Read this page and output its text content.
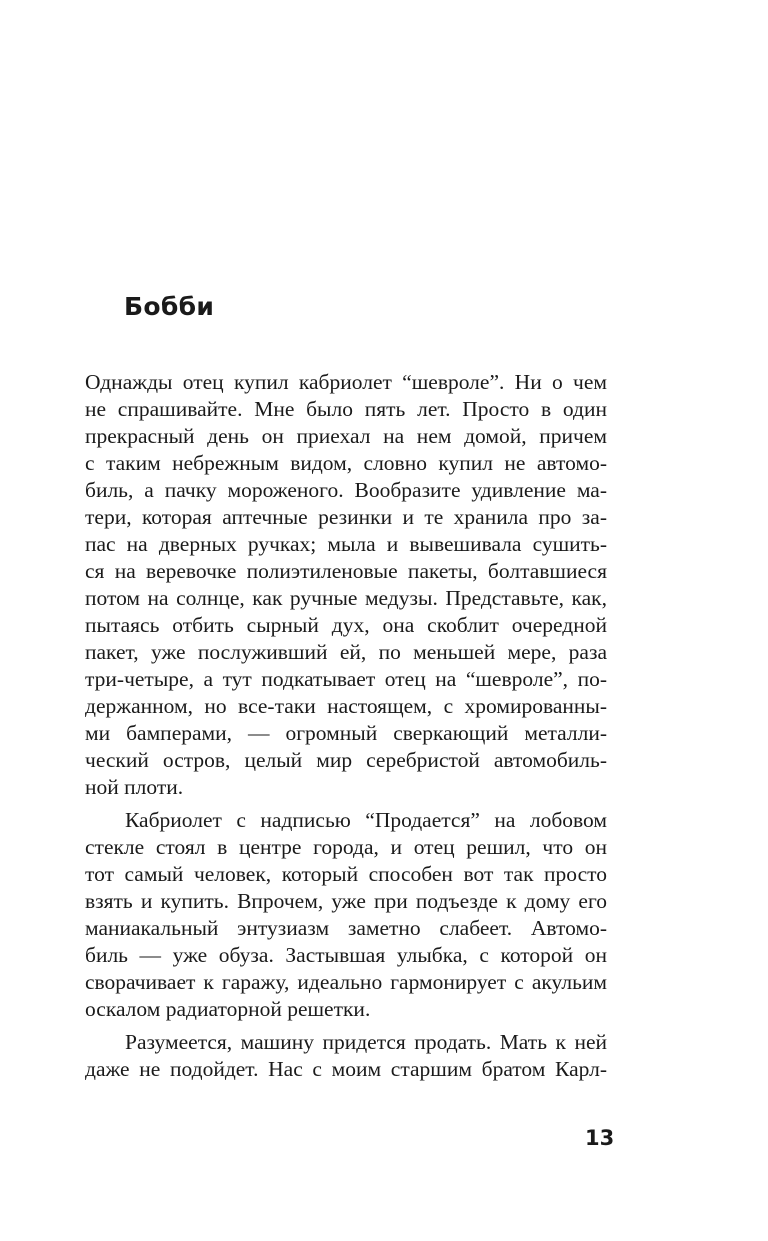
Бобби
Однажды отец купил кабриолет “шевроле”. Ни о чем
не спрашивайте. Мне было пять лет. Просто в один
прекрасный день он приехал на нем домой, причем
с таким небрежным видом, словно купил не автомо-
биль, а пачку мороженого. Вообразите удивление ма-
тери, которая аптечные резинки и те хранила про за-
пас на дверных ручках; мыла и вывешивала сушить-
ся на веревочке полиэтиленовые пакеты, болтавшиеся
потом на солнце, как ручные медузы. Представьте, как,
пытаясь отбить сырный дух, она скоблит очередной
пакет, уже послуживший ей, по меньшей мере, раза
три-четыре, а тут подкатывает отец на “шевроле”, по-
держанном, но все-таки настоящем, с хромированны-
ми бамперами, — огромный сверкающий металли-
ческий остров, целый мир серебристой автомобиль-
ной плоти.
Кабриолет с надписью “Продается” на лобовом
стекле стоял в центре города, и отец решил, что он
тот самый человек, который способен вот так просто
взять и купить. Впрочем, уже при подъезде к дому его
маниакальный энтузиазм заметно слабеет. Автомо-
биль — уже обуза. Застывшая улыбка, с которой он
сворачивает к гаражу, идеально гармонирует с акульим
оскалом радиаторной решетки.
Разумеется, машину придется продать. Мать к ней
даже не подойдет. Нас с моим старшим братом Карл-
13
